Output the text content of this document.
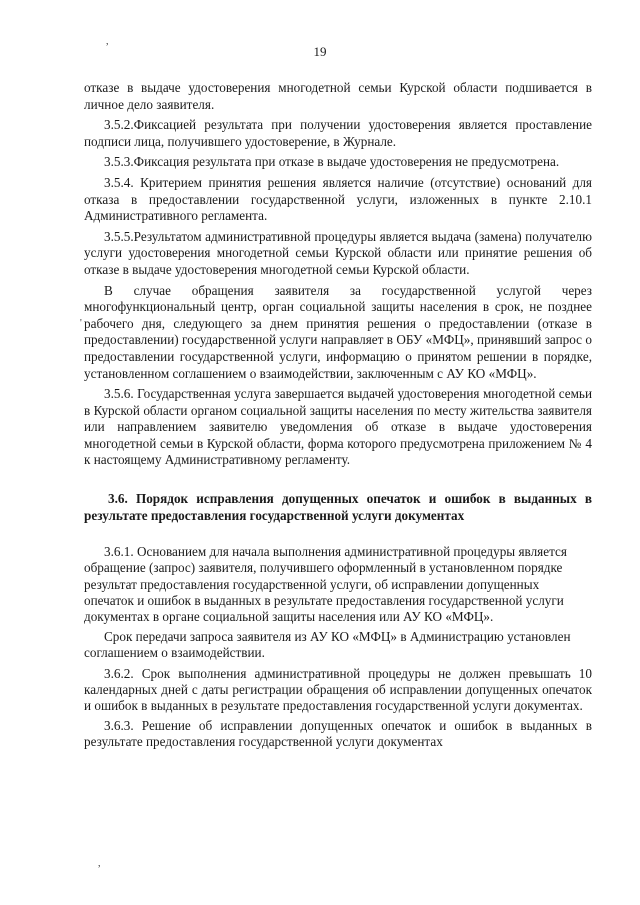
,
'
,
19

отказе в выдаче удостоверения многодетной семьи Курской области подшивается в личное дело заявителя.

3.5.2.Фиксацией результата при получении удостоверения является проставление подписи лица, получившего удостоверение, в Журнале.

3.5.3.Фиксация результата при отказе в выдаче удостоверения не предусмотрена.

3.5.4. Критерием принятия решения является наличие (отсутствие) оснований для отказа в предоставлении государственной услуги, изложенных в пункте 2.10.1 Административного регламента.

3.5.5.Результатом административной процедуры является выдача (замена) получателю услуги удостоверения многодетной семьи Курской области или принятие решения об отказе в выдаче удостоверения многодетной семьи Курской области.

В случае обращения заявителя за государственной услугой через многофункциональный центр, орган социальной защиты населения в срок, не позднее рабочего дня, следующего за днем принятия решения о предоставлении (отказе в предоставлении) государственной услуги направляет в ОБУ «МФЦ», принявший запрос о предоставлении государственной услуги, информацию о принятом решении в порядке, установленном соглашением о взаимодействии, заключенным с АУ КО «МФЦ».

3.5.6. Государственная услуга завершается выдачей удостоверения многодетной семьи в Курской области органом социальной защиты населения по месту жительства заявителя или направлением заявителю уведомления об отказе в выдаче удостоверения многодетной семьи в Курской области, форма которого предусмотрена приложением № 4 к настоящему Административному регламенту.

3.6. Порядок исправления допущенных опечаток и ошибок в выданных в результате предоставления государственной услуги документах

3.6.1. Основанием для начала выполнения административной процедуры является обращение (запрос) заявителя, получившего оформленный в установленном порядке результат предоставления государственной услуги, об исправлении допущенных опечаток и ошибок в выданных в результате предоставления государственной услуги документах в органе социальной защиты населения или АУ КО «МФЦ».

Срок передачи запроса заявителя из АУ КО «МФЦ» в Администрацию установлен соглашением о взаимодействии.

3.6.2. Срок выполнения административной процедуры не должен превышать 10 календарных дней с даты регистрации обращения об исправлении допущенных опечаток и ошибок в выданных в результате предоставления государственной услуги документах.

3.6.3. Решение об исправлении допущенных опечаток и ошибок в выданных в результате предоставления государственной услуги документах
